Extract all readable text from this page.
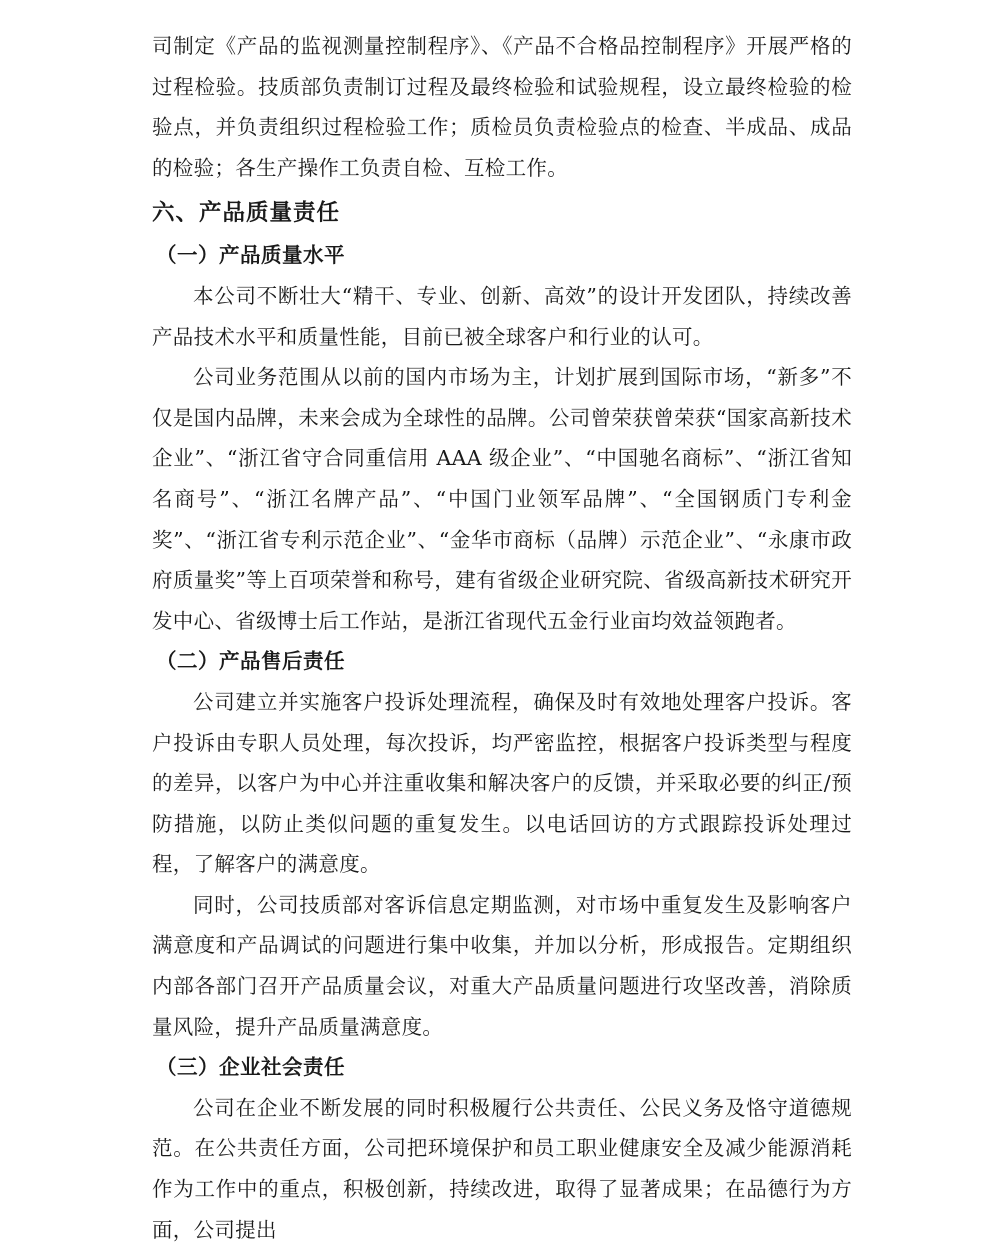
司制定《产品的监视测量控制程序》、《产品不合格品控制程序》开展严格的过程检验。技质部负责制订过程及最终检验和试验规程，设立最终检验的检验点，并负责组织过程检验工作；质检员负责检验点的检查、半成品、成品的检验；各生产操作工负责自检、互检工作。

六、产品质量责任
（一）产品质量水平

本公司不断壮大“精干、专业、创新、高效”的设计开发团队，持续改善产品技术水平和质量性能，目前已被全球客户和行业的认可。

公司业务范围从以前的国内市场为主，计划扩展到国际市场，“新多”不仅是国内品牌，未来会成为全球性的品牌。公司曾荣获曾荣获“国家高新技术企业”、“浙江省守合同重信用 AAA 级企业”、“中国驰名商标”、“浙江省知名商号”、“浙江名牌产品”、“中国门业领军品牌”、“全国钢质门专利金奖”、“浙江省专利示范企业”、“金华市商标（品牌）示范企业”、“永康市政府质量奖”等上百项荣誉和称号，建有省级企业研究院、省级高新技术研究开发中心、省级博士后工作站，是浙江省现代五金行业亩均效益领跑者。

（二）产品售后责任

公司建立并实施客户投诉处理流程，确保及时有效地处理客户投诉。客户投诉由专职人员处理，每次投诉，均严密监控，根据客户投诉类型与程度的差异，以客户为中心并注重收集和解决客户的反馈，并采取必要的纠正/预防措施，以防止类似问题的重复发生。以电话回访的方式跟踪投诉处理过程，了解客户的满意度。

同时，公司技质部对客诉信息定期监测，对市场中重复发生及影响客户满意度和产品调试的问题进行集中收集，并加以分析，形成报告。定期组织内部各部门召开产品质量会议，对重大产品质量问题进行攻坚改善，消除质量风险，提升产品质量满意度。

（三）企业社会责任

公司在企业不断发展的同时积极履行公共责任、公民义务及恪守道德规范。在公共责任方面，公司把环境保护和员工职业健康安全及减少能源消耗作为工作中的重点，积极创新，持续改进，取得了显著成果；在品德行为方面，公司提出
